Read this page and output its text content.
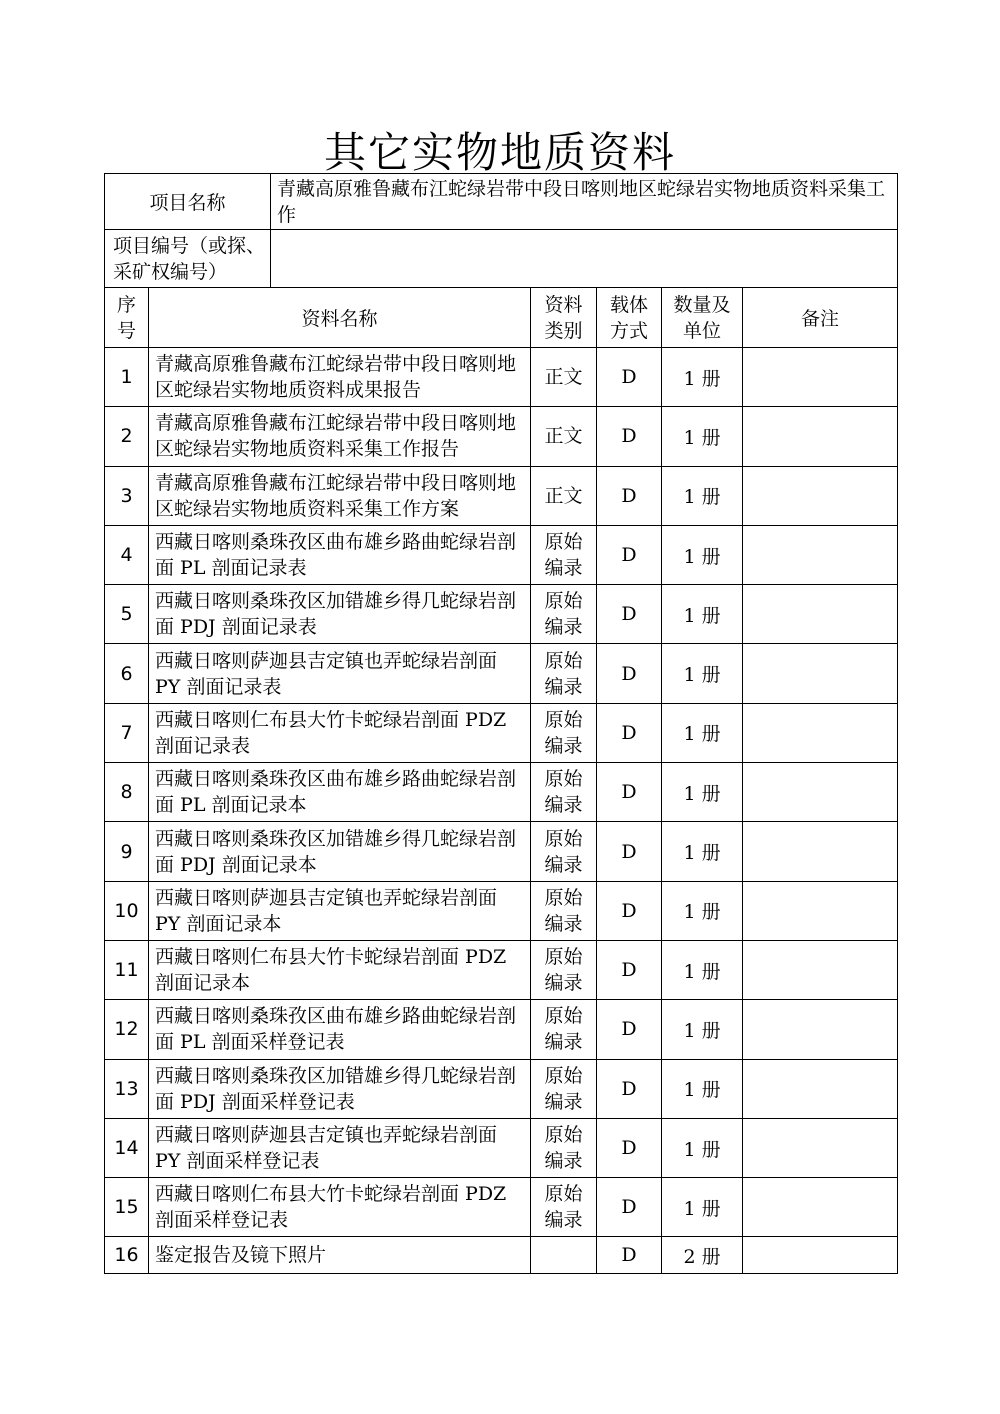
其它实物地质资料
项目名称		青藏高原雅鲁藏布江蛇绿岩带中段日喀则地区蛇绿岩实物地质资料采集工作				
项目编号（或探、采矿权编号）						

序号	资料名称		资料类别	载体方式	数量及单位	备注
1	青藏高原雅鲁藏布江蛇绿岩带中段日喀则地区蛇绿岩实物地质资料成果报告		正文	D	1 册	
2	青藏高原雅鲁藏布江蛇绿岩带中段日喀则地区蛇绿岩实物地质资料采集工作报告		正文	D	1 册	
3	青藏高原雅鲁藏布江蛇绿岩带中段日喀则地区蛇绿岩实物地质资料采集工作方案		正文	D	1 册	
4	西藏日喀则桑珠孜区曲布雄乡路曲蛇绿岩剖面 PL 剖面记录表		原始编录	D	1 册	
5	西藏日喀则桑珠孜区加错雄乡得几蛇绿岩剖面 PDJ 剖面记录表		原始编录	D	1 册	
6	西藏日喀则萨迦县吉定镇也弄蛇绿岩剖面 PY 剖面记录表		原始编录	D	1 册	
7	西藏日喀则仁布县大竹卡蛇绿岩剖面 PDZ 剖面记录表		原始编录	D	1 册	
8	西藏日喀则桑珠孜区曲布雄乡路曲蛇绿岩剖面 PL 剖面记录本		原始编录	D	1 册	
9	西藏日喀则桑珠孜区加错雄乡得几蛇绿岩剖面 PDJ 剖面记录本		原始编录	D	1 册	
10	西藏日喀则萨迦县吉定镇也弄蛇绿岩剖面 PY 剖面记录本		原始编录	D	1 册	
11	西藏日喀则仁布县大竹卡蛇绿岩剖面 PDZ 剖面记录本		原始编录	D	1 册	
12	西藏日喀则桑珠孜区曲布雄乡路曲蛇绿岩剖面 PL 剖面采样登记表		原始编录	D	1 册	
13	西藏日喀则桑珠孜区加错雄乡得几蛇绿岩剖面 PDJ 剖面采样登记表		原始编录	D	1 册	
14	西藏日喀则萨迦县吉定镇也弄蛇绿岩剖面 PY 剖面采样登记表		原始编录	D	1 册	
15	西藏日喀则仁布县大竹卡蛇绿岩剖面 PDZ 剖面采样登记表		原始编录	D	1 册	
16	鉴定报告及镜下照片			D	2 册	
